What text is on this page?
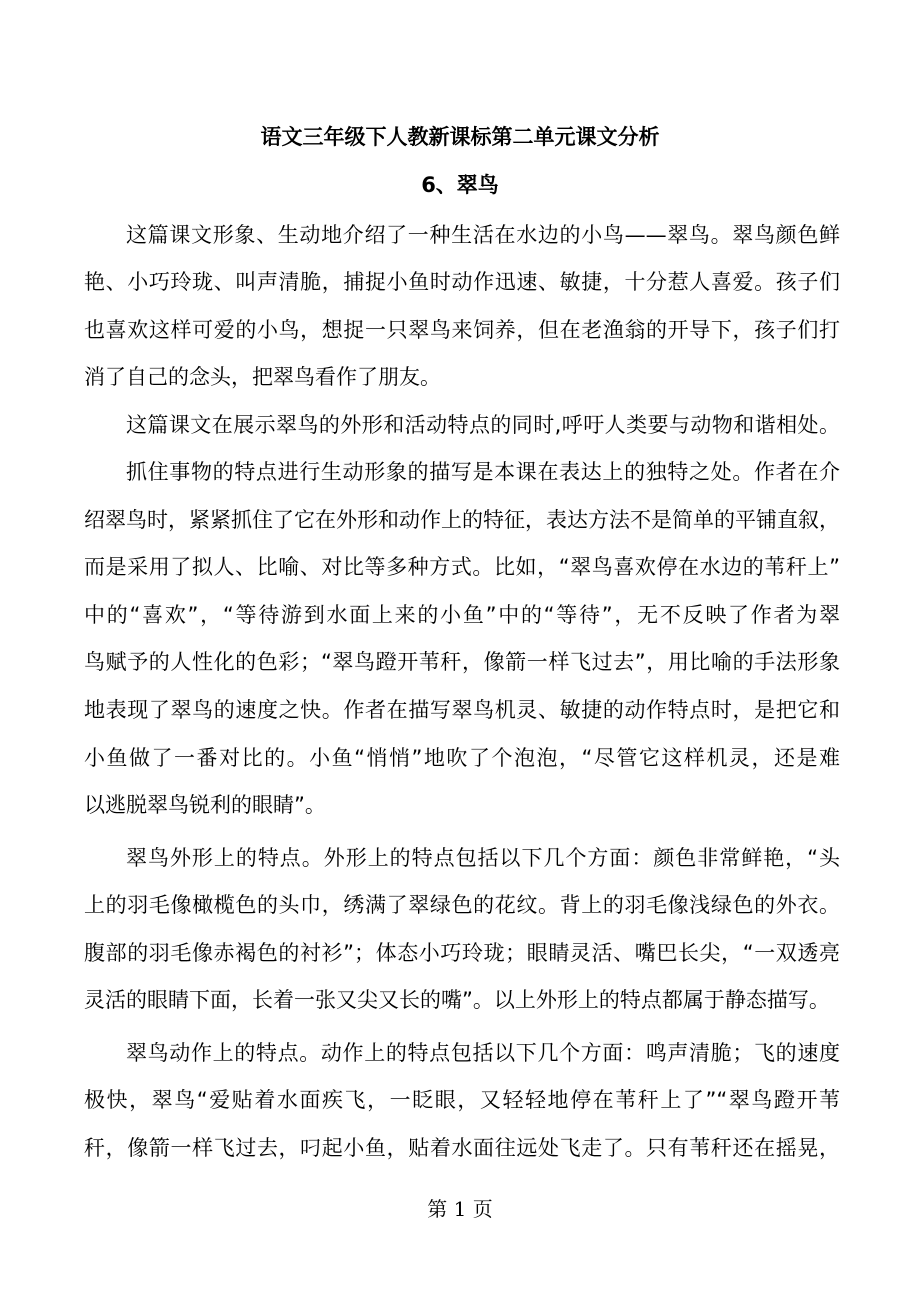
语文三年级下人教新课标第二单元课文分析
6、翠鸟
这篇课文形象、生动地介绍了一种生活在水边的小鸟——翠鸟。翠鸟颜色鲜
艳、小巧玲珑、叫声清脆，捕捉小鱼时动作迅速、敏捷，十分惹人喜爱。孩子们
也喜欢这样可爱的小鸟，想捉一只翠鸟来饲养，但在老渔翁的开导下，孩子们打
消了自己的念头，把翠鸟看作了朋友。
这篇课文在展示翠鸟的外形和活动特点的同时,呼吁人类要与动物和谐相处。
抓住事物的特点进行生动形象的描写是本课在表达上的独特之处。作者在介
绍翠鸟时，紧紧抓住了它在外形和动作上的特征，表达方法不是简单的平铺直叙，
而是采用了拟人、比喻、对比等多种方式。比如，“翠鸟喜欢停在水边的苇秆上”
中的“喜欢”，“等待游到水面上来的小鱼”中的“等待”，无不反映了作者为翠
鸟赋予的人性化的色彩；“翠鸟蹬开苇秆，像箭一样飞过去”，用比喻的手法形象
地表现了翠鸟的速度之快。作者在描写翠鸟机灵、敏捷的动作特点时，是把它和
小鱼做了一番对比的。小鱼“悄悄”地吹了个泡泡，“尽管它这样机灵，还是难
以逃脱翠鸟锐利的眼睛”。
翠鸟外形上的特点。外形上的特点包括以下几个方面：颜色非常鲜艳，“头
上的羽毛像橄榄色的头巾，绣满了翠绿色的花纹。背上的羽毛像浅绿色的外衣。
腹部的羽毛像赤褐色的衬衫”；体态小巧玲珑；眼睛灵活、嘴巴长尖，“一双透亮
灵活的眼睛下面，长着一张又尖又长的嘴”。以上外形上的特点都属于静态描写。
翠鸟动作上的特点。动作上的特点包括以下几个方面：鸣声清脆；飞的速度
极快，翠鸟“爱贴着水面疾飞，一眨眼，又轻轻地停在苇秆上了”“翠鸟蹬开苇
秆，像箭一样飞过去，叼起小鱼，贴着水面往远处飞走了。只有苇秆还在摇晃，
第 1 页
